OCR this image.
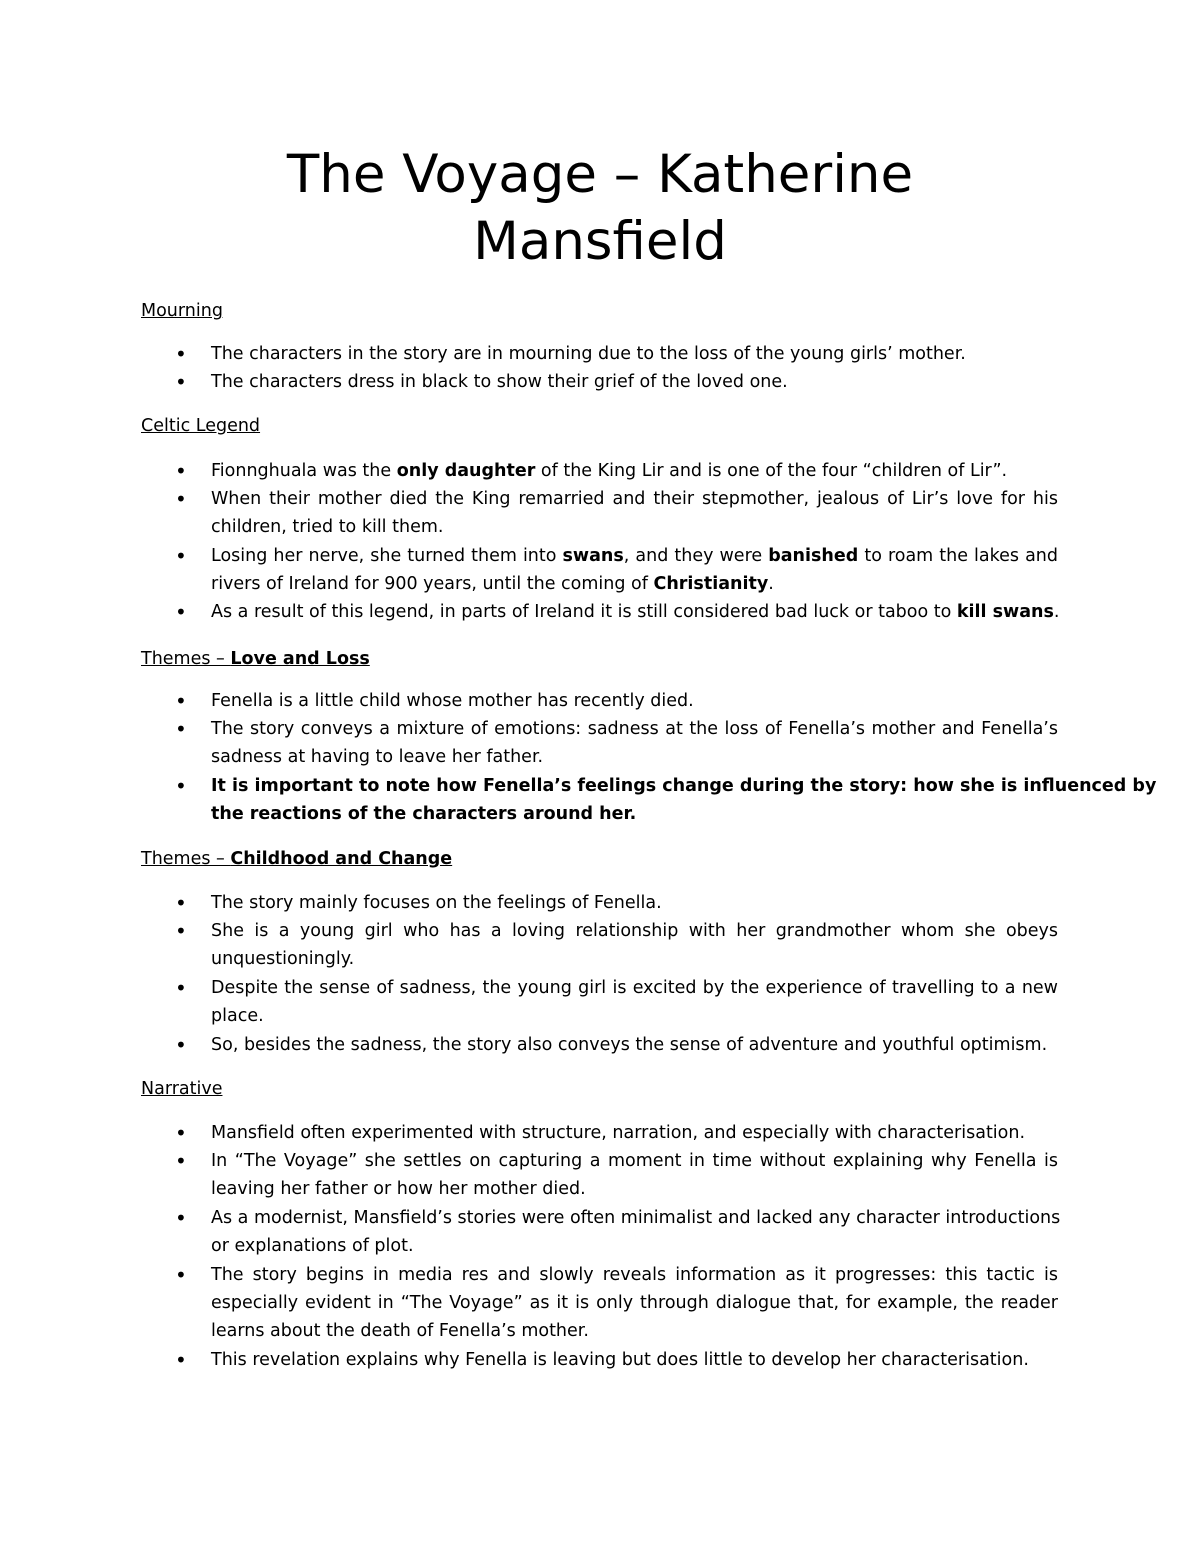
The Voyage – Katherine
Mansfield
Mourning
• The characters in the story are in mourning due to the loss of the young girls’ mother.
• The characters dress in black to show their grief of the loved one.
Celtic Legend
• Fionnghuala was the only daughter of the King Lir and is one of the four “children of Lir”.
• When their mother died the King remarried and their stepmother, jealous of Lir’s love for his
children, tried to kill them.
• Losing her nerve, she turned them into swans, and they were banished to roam the lakes and
rivers of Ireland for 900 years, until the coming of Christianity.
• As a result of this legend, in parts of Ireland it is still considered bad luck or taboo to kill swans.
Themes – Love and Loss
• Fenella is a little child whose mother has recently died.
• The story conveys a mixture of emotions: sadness at the loss of Fenella’s mother and Fenella’s
sadness at having to leave her father.
• It is important to note how Fenella’s feelings change during the story: how she is influenced by
the reactions of the characters around her.
Themes – Childhood and Change
• The story mainly focuses on the feelings of Fenella.
• She is a young girl who has a loving relationship with her grandmother whom she obeys
unquestioningly.
• Despite the sense of sadness, the young girl is excited by the experience of travelling to a new
place.
• So, besides the sadness, the story also conveys the sense of adventure and youthful optimism.
Narrative
• Mansfield often experimented with structure, narration, and especially with characterisation.
• In “The Voyage” she settles on capturing a moment in time without explaining why Fenella is
leaving her father or how her mother died.
• As a modernist, Mansfield’s stories were often minimalist and lacked any character introductions
or explanations of plot.
• The story begins in media res and slowly reveals information as it progresses: this tactic is
especially evident in “The Voyage” as it is only through dialogue that, for example, the reader
learns about the death of Fenella’s mother.
• This revelation explains why Fenella is leaving but does little to develop her characterisation.
